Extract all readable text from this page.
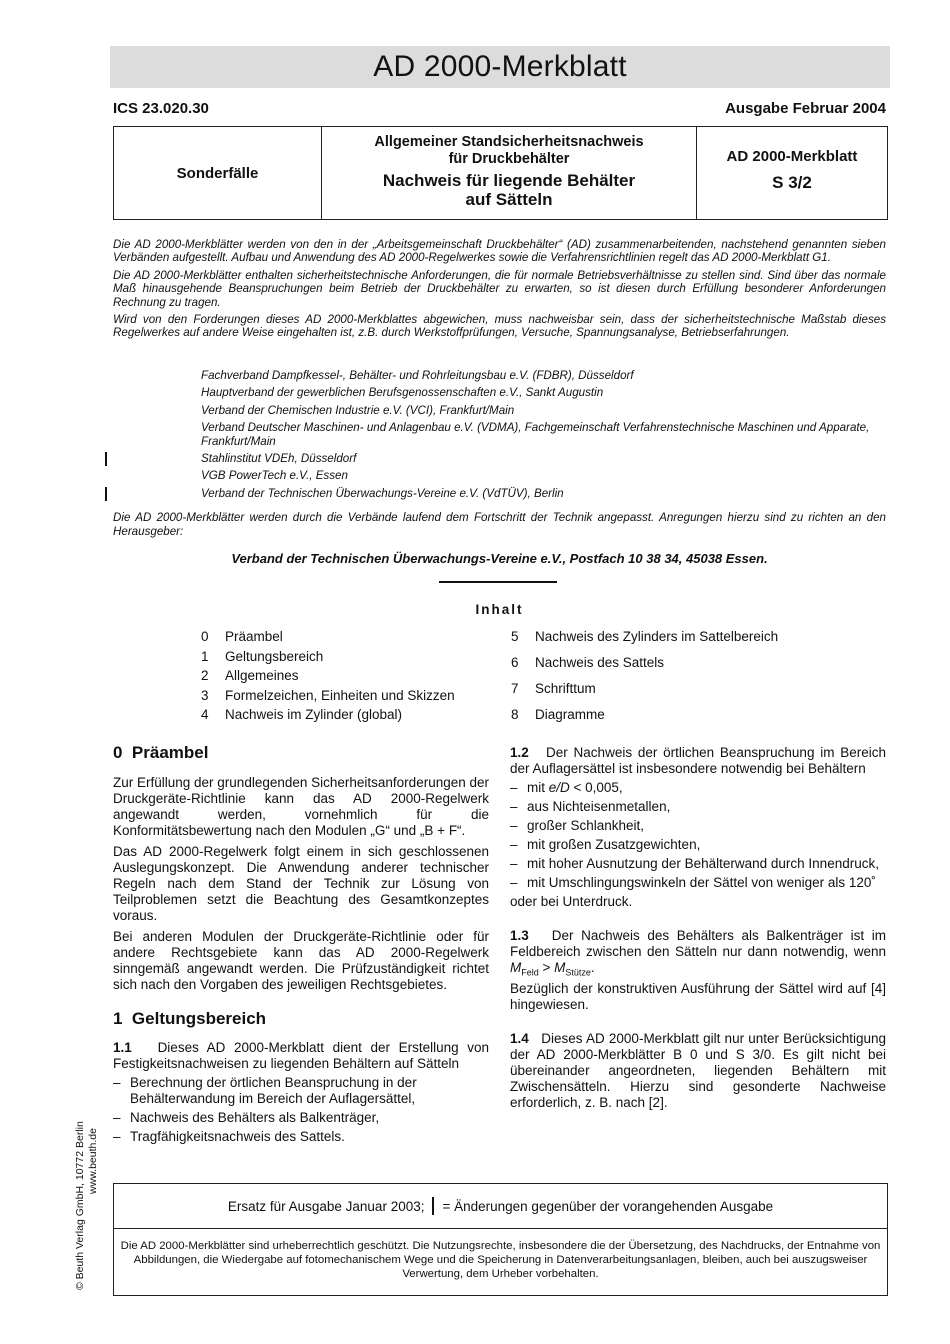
AD 2000-Merkblatt
ICS 23.020.30	Ausgabe Februar 2004
Sonderfälle
Allgemeiner Standsicherheitsnachweis
für Druckbehälter
Nachweis für liegende Behälter
auf Sätteln
AD 2000-Merkblatt
S 3/2

Die AD 2000-Merkblätter werden von den in der „Arbeitsgemeinschaft Druckbehälter“ (AD) zusammenarbeitenden, nachstehend genannten sieben Verbänden aufgestellt. Aufbau und Anwendung des AD 2000-Regelwerkes sowie die Verfahrensrichtlinien regelt das AD 2000-Merkblatt G1.

Die AD 2000-Merkblätter enthalten sicherheitstechnische Anforderungen, die für normale Betriebsverhältnisse zu stellen sind. Sind über das normale Maß hinausgehende Beanspruchungen beim Betrieb der Druckbehälter zu erwarten, so ist diesen durch Erfüllung besonderer Anforderungen Rechnung zu tragen.

Wird von den Forderungen dieses AD 2000-Merkblattes abgewichen, muss nachweisbar sein, dass der sicherheitstechnische Maßstab dieses Regelwerkes auf andere Weise eingehalten ist, z.B. durch Werkstoffprüfungen, Versuche, Spannungsanalyse, Betriebserfahrungen.

Fachverband Dampfkessel-, Behälter- und Rohrleitungsbau e.V. (FDBR), Düsseldorf
Hauptverband der gewerblichen Berufsgenossenschaften e.V., Sankt Augustin
Verband der Chemischen Industrie e.V. (VCI), Frankfurt/Main
Verband Deutscher Maschinen- und Anlagenbau e.V. (VDMA), Fachgemeinschaft Verfahrenstechnische Maschinen und Apparate, Frankfurt/Main
Stahlinstitut VDEh, Düsseldorf
VGB PowerTech e.V., Essen
Verband der Technischen Überwachungs-Vereine e.V. (VdTÜV), Berlin
Die AD 2000-Merkblätter werden durch die Verbände laufend dem Fortschritt der Technik angepasst. Anregungen hierzu sind zu richten an den Herausgeber:
Verband der Technischen Überwachungs-Vereine e.V., Postfach 10 38 34, 45038 Essen.
Inhalt
0	Präambel
1	Geltungsbereich
2	Allgemeines
3	Formelzeichen, Einheiten und Skizzen
4	Nachweis im Zylinder (global)
5	Nachweis des Zylinders im Sattelbereich
6	Nachweis des Sattels
7	Schrifttum
8	Diagramme
0 Präambel

Zur Erfüllung der grundlegenden Sicherheitsanforderungen der Druckgeräte-Richtlinie kann das AD 2000-Regelwerk angewandt werden, vornehmlich für die Konformitätsbewertung nach den Modulen „G“ und „B + F“.

Das AD 2000-Regelwerk folgt einem in sich geschlossenen Auslegungskonzept. Die Anwendung anderer technischer Regeln nach dem Stand der Technik zur Lösung von Teilproblemen setzt die Beachtung des Gesamtkonzeptes voraus.

Bei anderen Modulen der Druckgeräte-Richtlinie oder für andere Rechtsgebiete kann das AD 2000-Regelwerk sinngemäß angewandt werden. Die Prüfzuständigkeit richtet sich nach den Vorgaben des jeweiligen Rechtsgebietes.

1 Geltungsbereich

1.1 Dieses AD 2000-Merkblatt dient der Erstellung von Festigkeitsnachweisen zu liegenden Behältern auf Sätteln

– Berechnung der örtlichen Beanspruchung in der Behälterwandung im Bereich der Auflagersättel,
– Nachweis des Behälters als Balkenträger,
– Tragfähigkeitsnachweis des Sattels.

1.2 Der Nachweis der örtlichen Beanspruchung im Bereich der Auflagersättel ist insbesondere notwendig bei Behältern

– mit e/D < 0,005,
– aus Nichteisenmetallen,
– großer Schlankheit,
– mit großen Zusatzgewichten,
– mit hoher Ausnutzung der Behälterwand durch Innendruck,
– mit Umschlingungswinkeln der Sättel von weniger als 120˚

oder bei Unterdruck.

1.3 Der Nachweis des Behälters als Balkenträger ist im Feldbereich zwischen den Sätteln nur dann notwendig, wenn $M_{Feld} > M_{Stütze}$.

Bezüglich der konstruktiven Ausführung der Sättel wird auf [4] hingewiesen.

1.4 Dieses AD 2000-Merkblatt gilt nur unter Berücksichtigung der AD 2000-Merkblätter B 0 und S 3/0. Es gilt nicht bei übereinander angeordneten, liegenden Behältern mit Zwischensätteln. Hierzu sind gesonderte Nachweise erforderlich, z. B. nach [2].

Ersatz für Ausgabe Januar 2003; = Änderungen gegenüber der vorangehenden Ausgabe
Die AD 2000-Merkblätter sind urheberrechtlich geschützt. Die Nutzungsrechte, insbesondere die der Übersetzung, des Nachdrucks, der Entnahme von Abbildungen, die Wiedergabe auf fotomechanischem Wege und die Speicherung in Datenverarbeitungsanlagen, bleiben, auch bei auszugsweiser Verwertung, dem Urheber vorbehalten.
© Beuth Verlag GmbH, 10772 Berlin www.beuth.de
